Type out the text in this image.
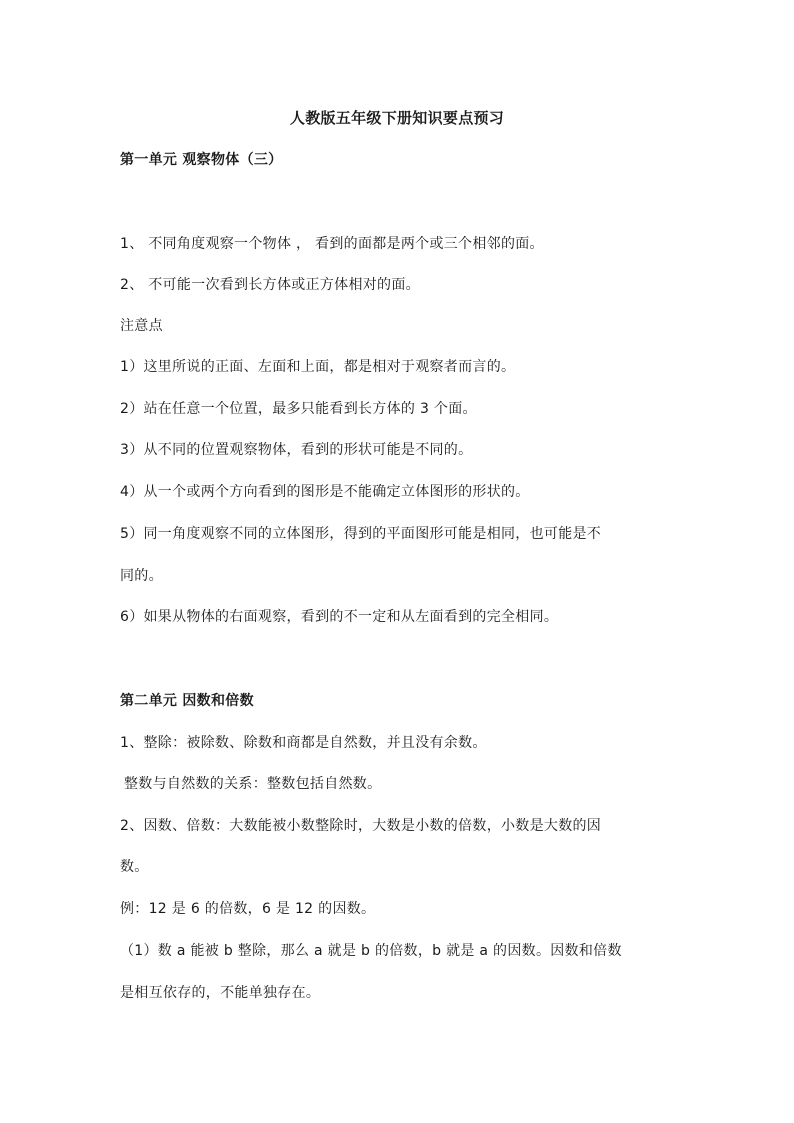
人教版五年级下册知识要点预习
第一单元 观察物体（三）
1、 不同角度观察一个物体 ， 看到的面都是两个或三个相邻的面。
2、 不可能一次看到长方体或正方体相对的面。
注意点
1）这里所说的正面、左面和上面，都是相对于观察者而言的。
2）站在任意一个位置，最多只能看到长方体的 3 个面。
3）从不同的位置观察物体，看到的形状可能是不同的。
4）从一个或两个方向看到的图形是不能确定立体图形的形状的。
5）同一角度观察不同的立体图形，得到的平面图形可能是相同，也可能是不
同的。
6）如果从物体的右面观察，看到的不一定和从左面看到的完全相同。
第二单元 因数和倍数
1、整除：被除数、除数和商都是自然数，并且没有余数。
整数与自然数的关系：整数包括自然数。
2、因数、倍数：大数能被小数整除时，大数是小数的倍数，小数是大数的因
数。
例：12 是 6 的倍数，6 是 12 的因数。
（1）数 a 能被 b 整除，那么 a 就是 b 的倍数，b 就是 a 的因数。因数和倍数
是相互依存的，不能单独存在。
